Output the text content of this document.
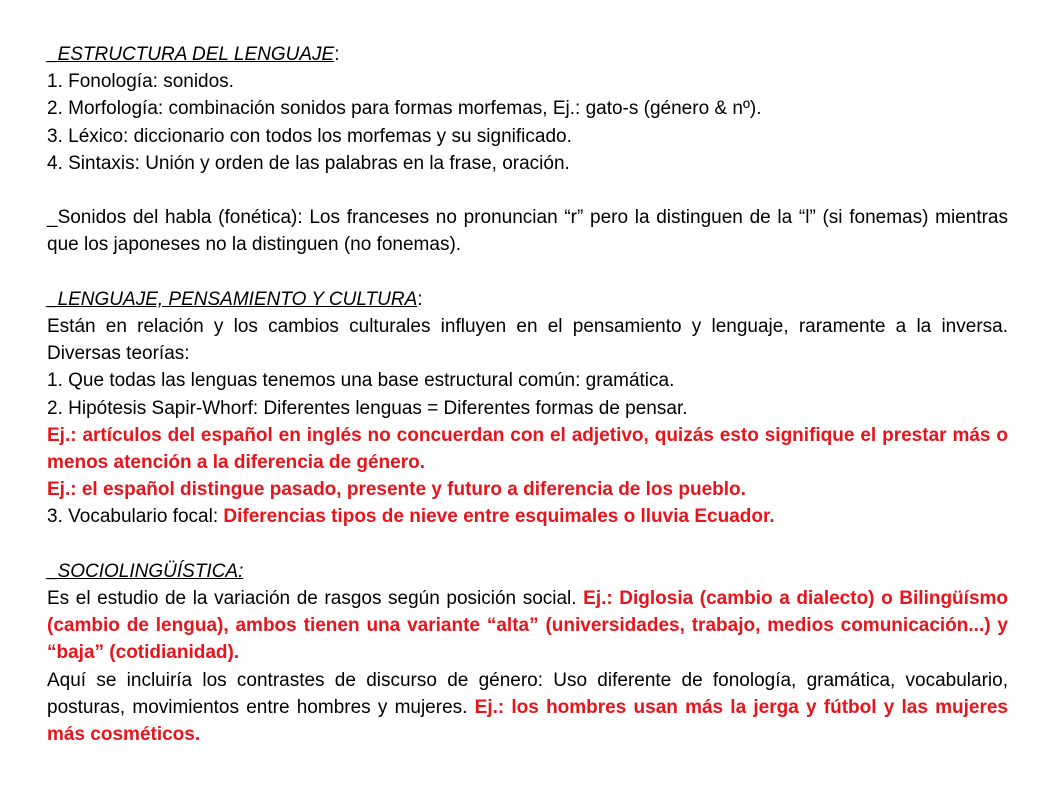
_ESTRUCTURA DEL LENGUAJE:
1. Fonología: sonidos.
2. Morfología: combinación sonidos para formas morfemas, Ej.: gato-s (género & nº).
3. Léxico: diccionario con todos los morfemas y su significado.
4. Sintaxis: Unión y orden de las palabras en la frase, oración.
_Sonidos del habla (fonética): Los franceses no pronuncian “r” pero la distinguen de la “l” (si fonemas) mientras que los japoneses no la distinguen (no fonemas).
_LENGUAJE, PENSAMIENTO Y CULTURA:
Están en relación y los cambios culturales influyen en el pensamiento y lenguaje, raramente a la inversa. Diversas teorías:
1. Que todas las lenguas tenemos una base estructural común: gramática.
2. Hipótesis Sapir-Whorf: Diferentes lenguas = Diferentes formas de pensar.
Ej.: artículos del español en inglés no concuerdan con el adjetivo, quizás esto signifique el prestar más o menos atención a la diferencia de género.
Ej.: el español distingue pasado, presente y futuro a diferencia de los pueblo.
3. Vocabulario focal: Diferencias tipos de nieve entre esquimales o lluvia Ecuador.
_SOCIOLINGÜÍSTICA:
Es el estudio de la variación de rasgos según posición social. Ej.: Diglosia (cambio a dialecto) o Bilingüísmo (cambio de lengua), ambos tienen una variante “alta” (universidades, trabajo, medios comunicación...) y “baja” (cotidianidad).
Aquí se incluiría los contrastes de discurso de género: Uso diferente de fonología, gramática, vocabulario, posturas, movimientos entre hombres y mujeres. Ej.: los hombres usan más la jerga y fútbol y las mujeres más cosméticos.
